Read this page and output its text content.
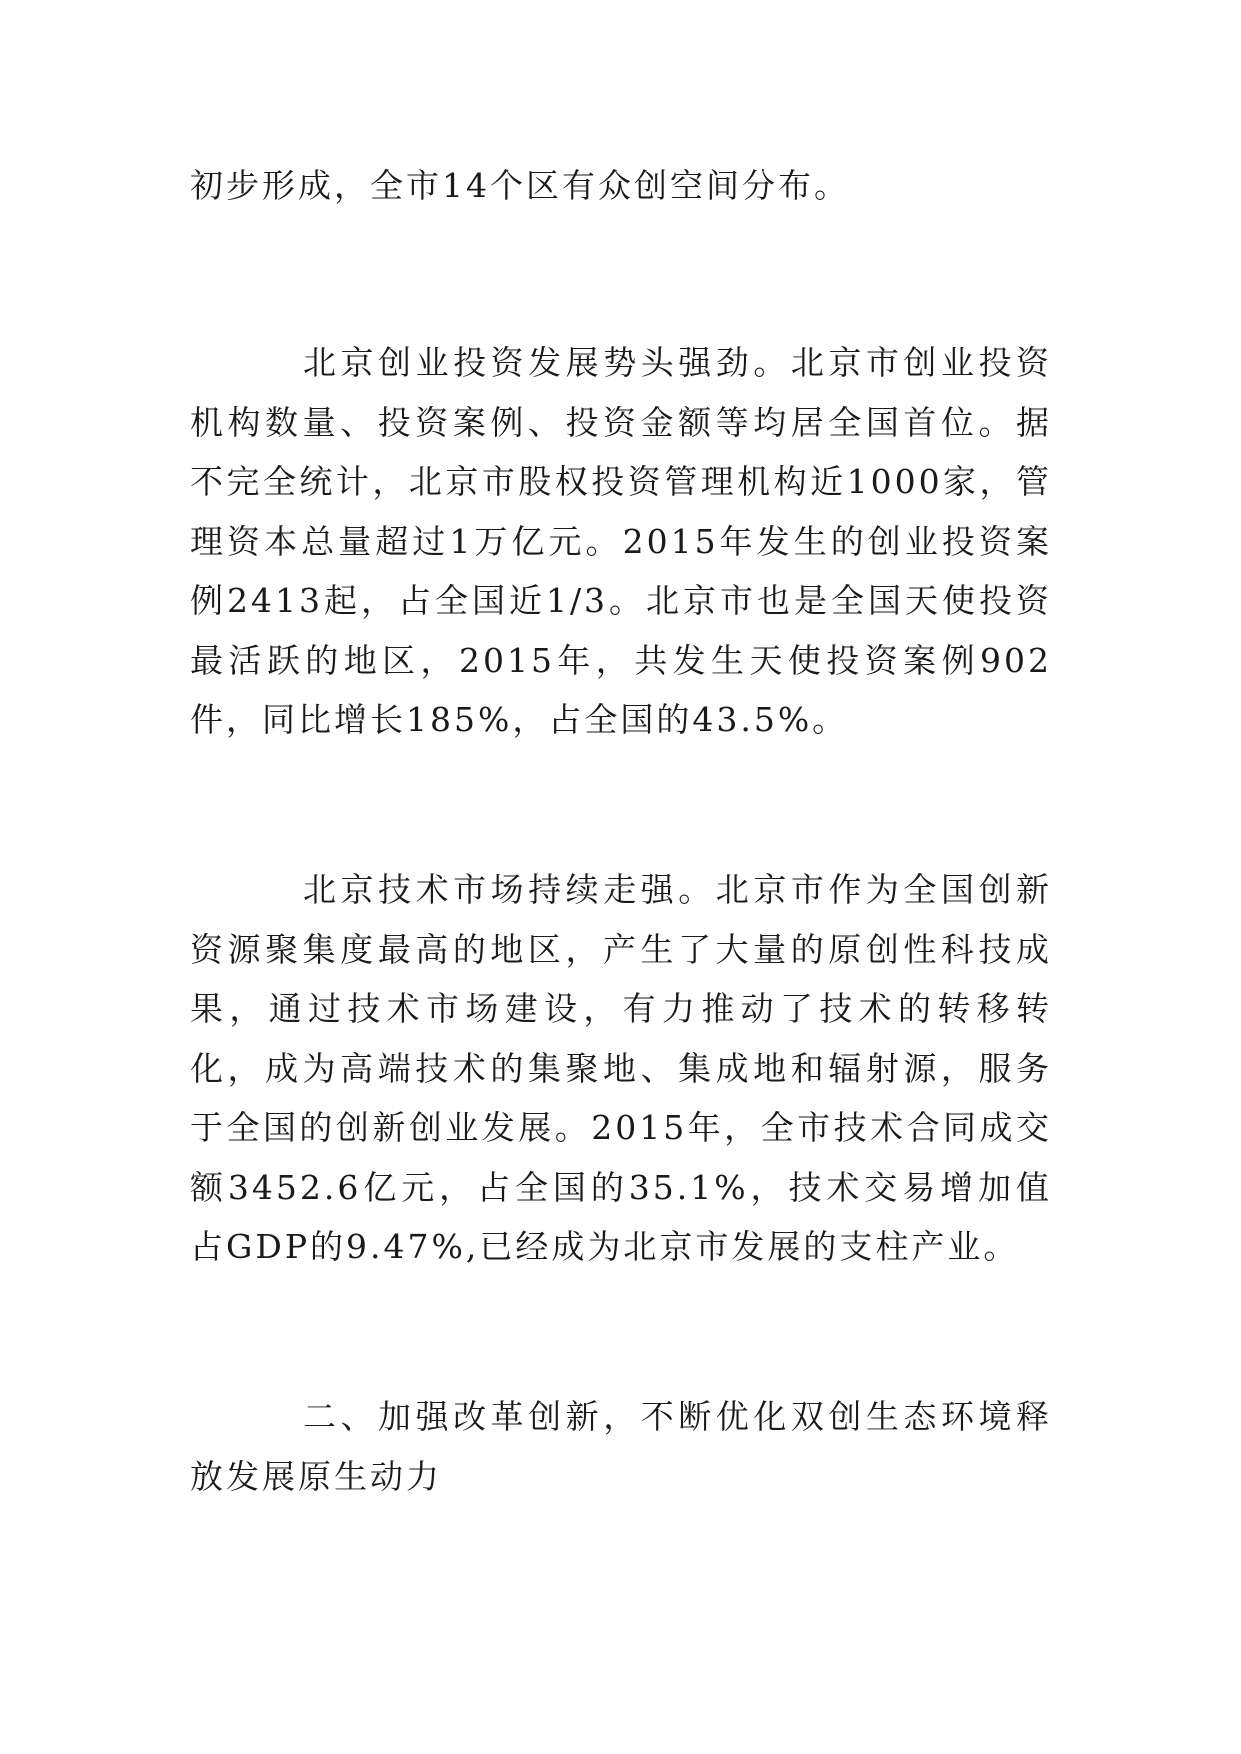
初步形成，全市14个区有众创空间分布。

北京创业投资发展势头强劲。北京市创业投资机构数量、投资案例、投资金额等均居全国首位。据不完全统计，北京市股权投资管理机构近1000家，管理资本总量超过1万亿元。2015年发生的创业投资案例2413起，占全国近1/3。北京市也是全国天使投资最活跃的地区，2015年，共发生天使投资案例902件，同比增长185%，占全国的43.5%。

北京技术市场持续走强。北京市作为全国创新资源聚集度最高的地区，产生了大量的原创性科技成果，通过技术市场建设，有力推动了技术的转移转化，成为高端技术的集聚地、集成地和辐射源，服务于全国的创新创业发展。2015年，全市技术合同成交额3452.6亿元，占全国的35.1%，技术交易增加值占GDP的9.47%,已经成为北京市发展的支柱产业。

二、加强改革创新，不断优化双创生态环境释放发展原生动力
